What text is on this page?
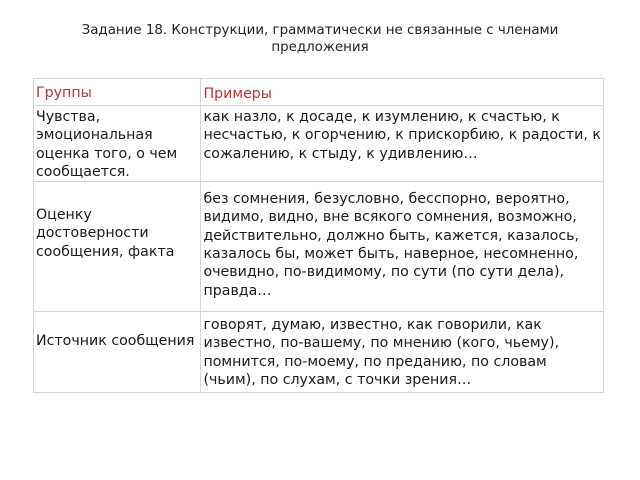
Задание 18. Конструкции, грамматически не связанные с членами предложения
Группы	Примеры
Чувства, эмоциональная оценка того, о чем сообщается.	как назло, к досаде, к изумлению, к счастью, к несчастью, к огорчению, к прискорбию, к радости, к сожалению, к стыду, к удивлению…
Оценку достоверности сообщения, факта	без сомнения, безусловно, бесспорно, вероятно, видимо, видно, вне всякого сомнения, возможно, действительно, должно быть, кажется, казалось, казалось бы, может быть, наверное, несомненно, очевидно, по-видимому, по сути (по сути дела), правда…
Источник сообщения	говорят, думаю, известно, как говорили, как известно, по-вашему, по мнению (кого, чьему), помнится, по-моему, по преданию, по словам (чьим), по слухам, с точки зрения…
